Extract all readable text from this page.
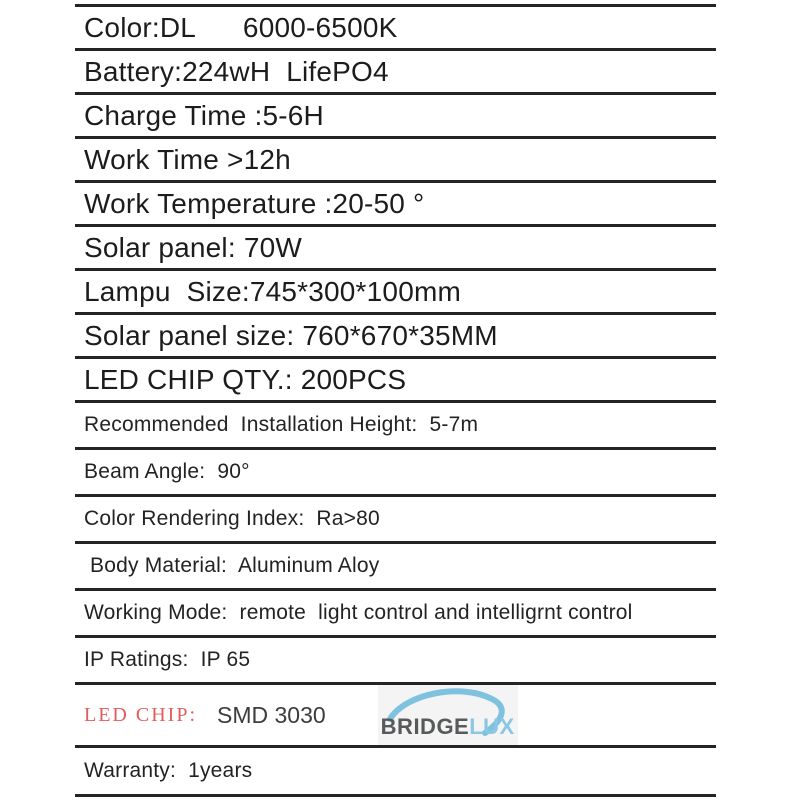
Color:DL      6000-6500K
Battery:224wH  LifePO4
Charge Time :5-6H
Work Time >12h
Work Temperature :20-50 °
Solar panel: 70W
Lampu  Size:745*300*100mm
Solar panel size: 760*670*35MM
LED CHIP QTY.: 200PCS
Recommended  Installation Height:  5-7m
Beam Angle:  90°
Color Rendering Index:  Ra>80
Body Material:  Aluminum Aloy
Working Mode:  remote  light control and intelligrnt control
IP Ratings:  IP 65
LED CHIP: SMD 3030	BRIDGELUX
Warranty:  1years
